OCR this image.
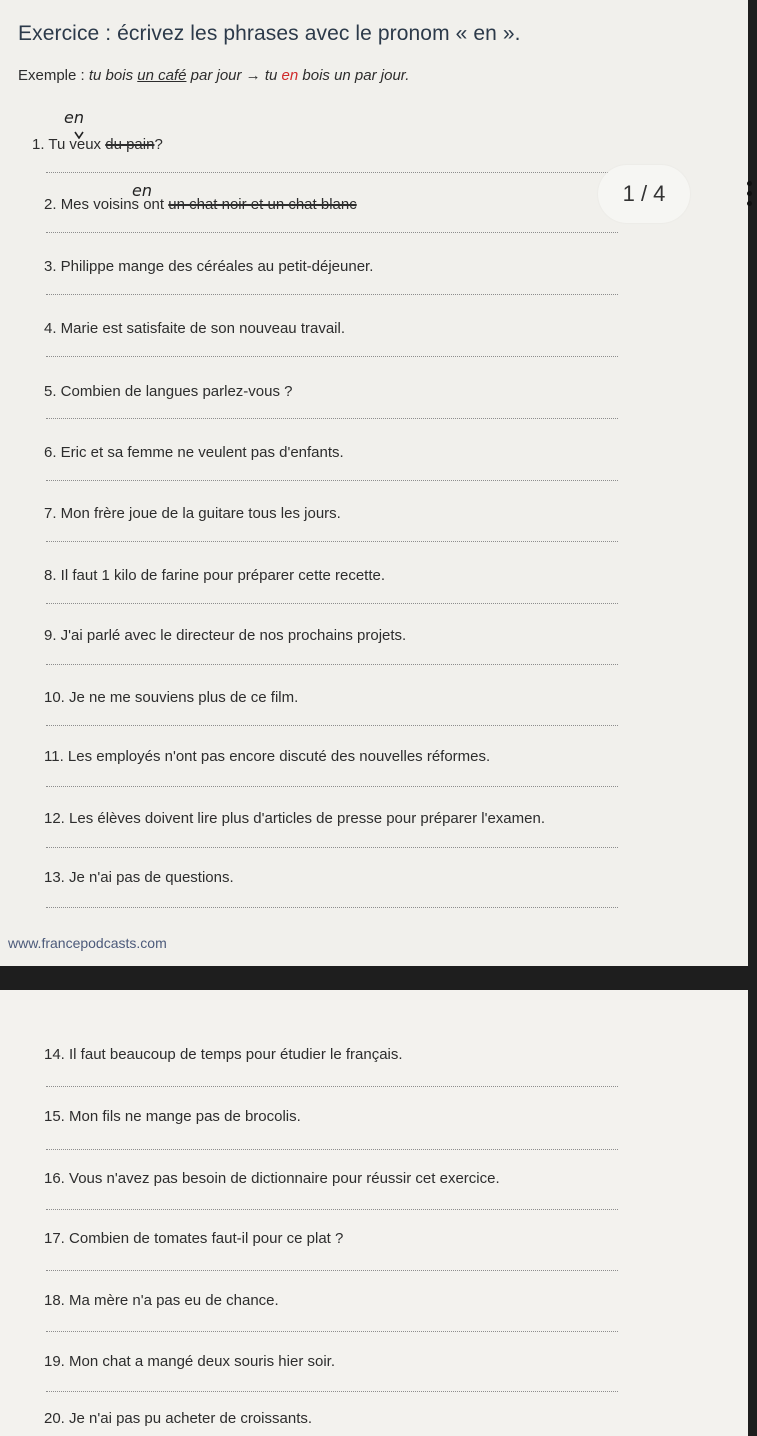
Exercice : écrivez les phrases avec le pronom « en ».
Exemple : tu bois un café par jour → tu en bois un par jour.
en
1. Tu veux du pain?
en
2. Mes voisins ont un chat noir et un chat blanc
3. Philippe mange des céréales au petit-déjeuner.
4. Marie est satisfaite de son nouveau travail.
5. Combien de langues parlez-vous ?
6. Eric et sa femme ne veulent pas d'enfants.
7. Mon frère joue de la guitare tous les jours.
8. Il faut 1 kilo de farine pour préparer cette recette.
9. J'ai parlé avec le directeur de nos prochains projets.
10. Je ne me souviens plus de ce film.
11. Les employés n'ont pas encore discuté des nouvelles réformes.
12. Les élèves doivent lire plus d'articles de presse pour préparer l'examen.
13. Je n'ai pas de questions.
www.francepodcasts.com
14. Il faut beaucoup de temps pour étudier le français.
15. Mon fils ne mange pas de brocolis.
16. Vous n'avez pas besoin de dictionnaire pour réussir cet exercice.
17. Combien de tomates faut-il pour ce plat ?
18. Ma mère n'a pas eu de chance.
19. Mon chat a mangé deux souris hier soir.
20. Je n'ai pas pu acheter de croissants.
1 / 4
